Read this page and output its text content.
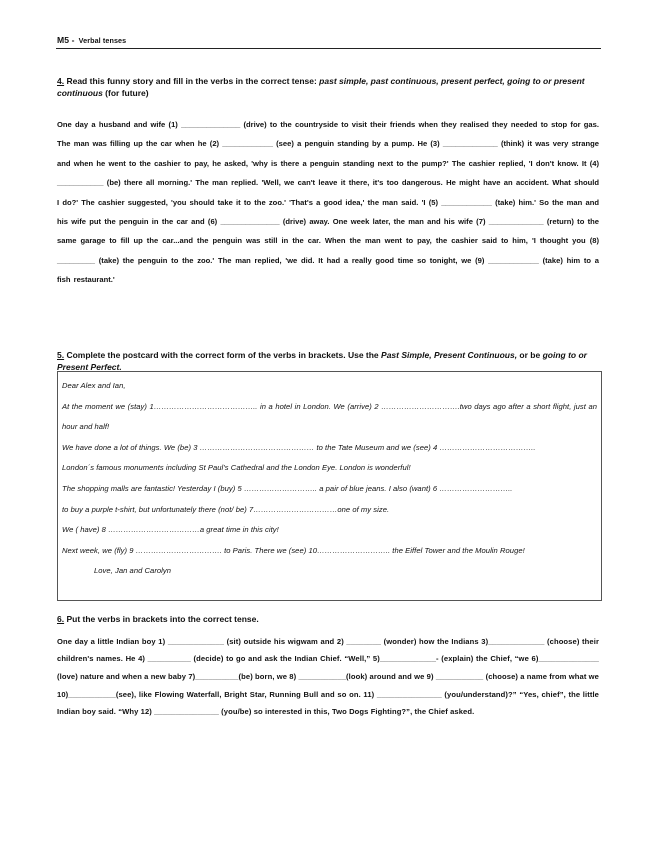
M5 - Verbal tenses
4. Read this funny story and fill in the verbs in the correct tense: past simple, past continuous, present perfect, going to or present continuous (for future)
One day a husband and wife (1) ______________ (drive) to the countryside to visit their friends when they realised they needed to stop for gas. The man was filling up the car when he (2) ____________ (see) a penguin standing by a pump. He (3) _____________ (think) it was very strange and when he went to the cashier to pay, he asked, 'why is there a penguin standing next to the pump?' The cashier replied, 'I don't know. It (4) ___________ (be) there all morning.' The man replied. 'Well, we can't leave it there, it's too dangerous. He might have an accident. What should I do?' The cashier suggested, 'you should take it to the zoo.' 'That's a good idea,' the man said. 'I (5) ____________ (take) him.' So the man and his wife put the penguin in the car and (6) ______________ (drive) away. One week later, the man and his wife (7) _____________ (return) to the same garage to fill up the car...and the penguin was still in the car. When the man went to pay, the cashier said to him, 'I thought you (8) _________ (take) the penguin to the zoo.' The man replied, 'we did. It had a really good time so tonight, we (9) ____________ (take) him to a fish restaurant.'
5. Complete the postcard with the correct form of the verbs in brackets. Use the Past Simple, Present Continuous, or be going to or Present Perfect.
Dear Alex and Ian,
At the moment we (stay) 1………………………………….. in a hotel in London. We (arrive) 2 ………………………….two days ago after a short flight, just an hour and half!
We have done a lot of things. We (be) 3 ……………………………………… to the Tate Museum and we (see) 4 ………………………………..
London´s famous monuments including St Paul's Cathedral and the London Eye. London is wonderful!
The shopping malls are fantastic! Yesterday I (buy) 5 ……………………….. a pair of blue jeans. I also (want) 6 ………………………..
to buy a purple t-shirt, but unfortunately there (not/ be) 7……………………………one of my size.
We ( have) 8 ………………………………a great time in this city!
Next week, we (fly) 9 ……………………………. to Paris. There we (see) 10……………………….. the Eiffel Tower and the Moulin Rouge!
Love, Jan and Carolyn
6. Put the verbs in brackets into the correct tense.
One day a little Indian boy 1) _____________ (sit) outside his wigwam and 2) ________ (wonder) how the Indians 3)_____________ (choose) their children's names. He 4) __________ (decide) to go and ask the Indian Chief. “Well,” 5)_____________- (explain) the Chief, “we 6)______________ (love) nature and when a new baby 7)__________(be) born, we 8) ___________(look) around and we 9) ___________ (choose) a name from what we 10)___________(see), like Flowing Waterfall, Bright Star, Running Bull and so on. 11) _______________ (you/understand)?” “Yes, chief”, the little Indian boy said. “Why 12) _______________ (you/be) so interested in this, Two Dogs Fighting?”, the Chief asked.
